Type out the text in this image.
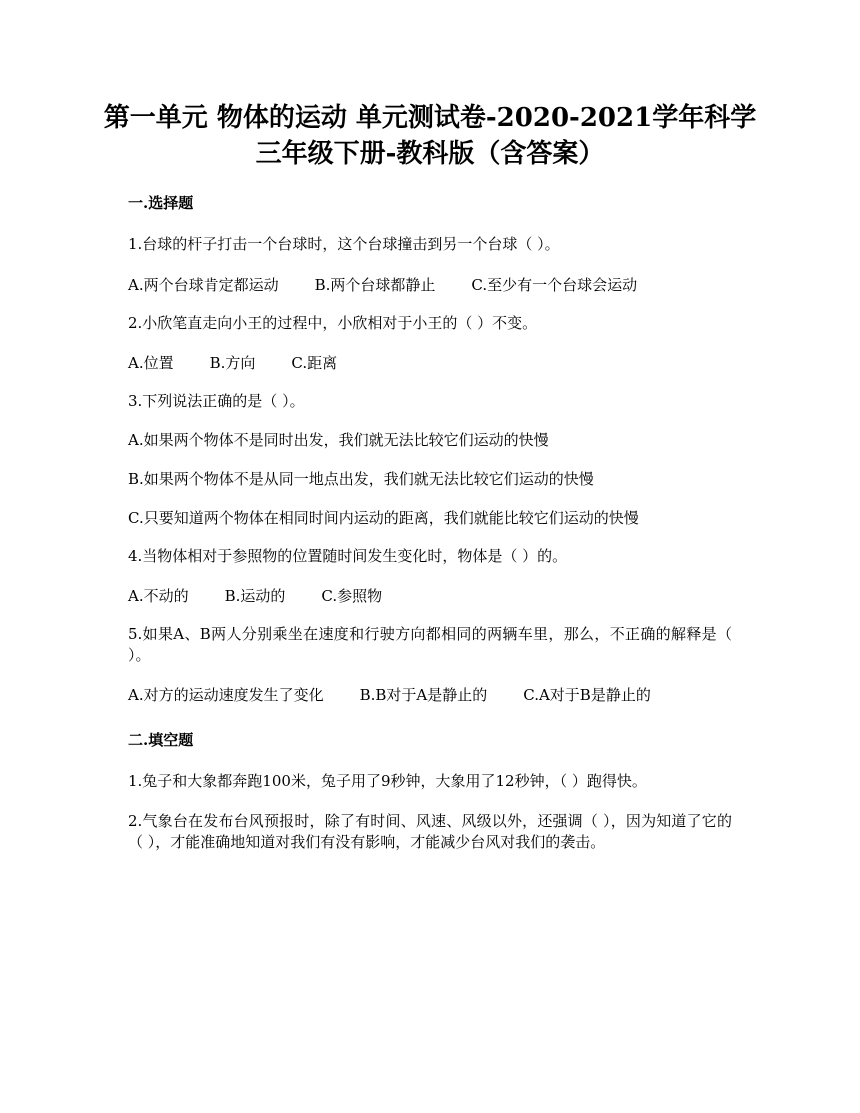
第一单元 物体的运动 单元测试卷-2020-2021学年科学
三年级下册-教科版（含答案）
一.选择题
1.台球的杆子打击一个台球时，这个台球撞击到另一个台球（ ）。
A.两个台球肯定都运动 B.两个台球都静止 C.至少有一个台球会运动
2.小欣笔直走向小王的过程中，小欣相对于小王的（ ）不变。
A.位置 B.方向 C.距离
3.下列说法正确的是（ ）。
A.如果两个物体不是同时出发，我们就无法比较它们运动的快慢
B.如果两个物体不是从同一地点出发，我们就无法比较它们运动的快慢
C.只要知道两个物体在相同时间内运动的距离，我们就能比较它们运动的快慢
4.当物体相对于参照物的位置随时间发生变化时，物体是（ ）的。
A.不动的 B.运动的 C.参照物
5.如果A、B两人分别乘坐在速度和行驶方向都相同的两辆车里，那么，不正确的解释是（ ）。
A.对方的运动速度发生了变化 B.B对于A是静止的 C.A对于B是静止的
二.填空题
1.兔子和大象都奔跑100米，兔子用了9秒钟，大象用了12秒钟，（ ）跑得快。
2.气象台在发布台风预报时，除了有时间、风速、风级以外，还强调（ ），因为知道了它的（ ），才能准确地知道对我们有没有影响，才能减少台风对我们的袭击。
